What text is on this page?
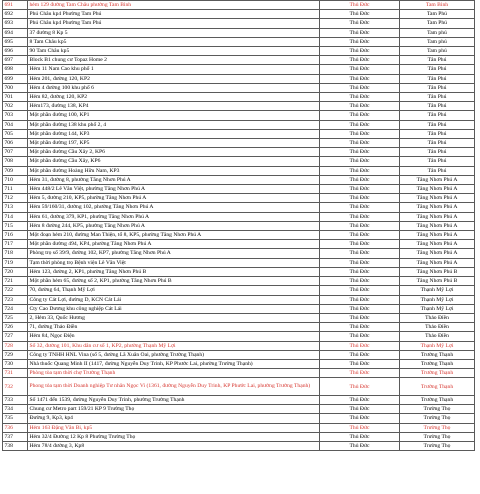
691	hẻm 129 đường Tam Châu phường Tam Bình	Thủ Đức	Tam Bình
692	Phú Châu kp4 Phường Tam Phú	Thủ Đức	Tam Phú
693	Phú Châu kp4 Phường Tam Phú	Thủ Đức	Tam Phú
694	37 đường 8 Kp 5	Thủ Đức	Tam phú
695	8 Tam Châu kp5	Thủ Đức	Tam phú
696	90 Tam Châu kp5	Thủ Đức	Tam phú
697	Block B1 chung cư Topaz Home 2	Thủ Đức	Tân Phú
698	Hẻm 11 Nam Cao khu phố 1	Thủ Đức	Tân Phú
699	Hẻm 201, đường 120, KP2	Thủ Đức	Tân Phú
700	Hẻm 4 đường 100 khu phố 6	Thủ Đức	Tân Phú
701	Hẻm 82, đường 120, KP2	Thủ Đức	Tân Phú
702	Hẻm173, đường 138, KP4	Thủ Đức	Tân Phú
703	Một phần đường 100, KP1	Thủ Đức	Tân Phú
704	Một phần đường 138 khu phố 2, 4	Thủ Đức	Tân Phú
705	Một phần đường 144, KP3	Thủ Đức	Tân Phú
706	Một phần đường 197, KP5	Thủ Đức	Tân Phú
707	Một phần đường Cầu Xây 2, KP6	Thủ Đức	Tân Phú
708	Một phần đường Cầu Xây, KP6	Thủ Đức	Tân Phú
709	Một phần đường Hoàng Hữu Nam, KP3	Thủ Đức	Tân Phú
710	Hẻm 31, đường 8, phường Tăng Nhơn Phú A	Thủ Đức	Tăng Nhơn Phú A
711	Hẻm 448/2 Lê Văn Việt, phường Tăng Nhơn Phú A	Thủ Đức	Tăng Nhơn Phú A
712	Hẻm 5, đường 210, KP5, phường Tăng Nhơn Phú A	Thủ Đức	Tăng Nhơn Phú A
713	Hẻm 59/160/31, đường 102, phường Tăng Nhơn Phú A	Thủ Đức	Tăng Nhơn Phú A
714	Hẻm 61, đường 379, KP1, phường Tăng Nhơn Phú A	Thủ Đức	Tăng Nhơn Phú A
715	Hẻm 8 đường 244, KP5, phường Tăng Nhơn Phú A	Thủ Đức	Tăng Nhơn Phú A
716	Một đoạn hẻm 210, đường Man Thiện, tổ 8, KP5, phường Tăng Nhơn Phú A	Thủ Đức	Tăng Nhơn Phú A
717	Một phần đường 494, KP4, phường Tăng Nhơn Phú A	Thủ Đức	Tăng Nhơn Phú A
718	Phòng trọ số 39/9, đường 102, KP7, phường Tăng Nhơn Phú A	Thủ Đức	Tăng Nhơn Phú A
719	Tạm thời phòng trọ Bệnh viện Lê Văn Việt	Thủ Đức	Tăng Nhơn Phú A
720	Hẻm 123, đường 2, KP1, phường Tăng Nhơn Phú B	Thủ Đức	Tăng Nhơn Phú B
721	Một phần hẻm 65, đường số 2, KP1, phường Tăng Nhơn Phú B	Thủ Đức	Tăng Nhơn Phú B
722	70, đường 64, Thạnh Mỹ Lợi	Thủ Đức	Thạnh Mỹ Lợi
723	Công ty Cát Lợi, đường D, KCN Cát Lái	Thủ Đức	Thạnh Mỹ Lợi
724	Cty Cao Dương khu công nghiệp Cát Lái	Thủ Đức	Thạnh Mỹ Lợi
725	2, Hẻm 33, Quốc Hương	Thủ Đức	Thảo Điền
726	71, đường Thảo Điền	Thủ Đức	Thảo Điền
727	Hẻm 84, Ngọc Điện	Thủ Đức	Thảo Điền
728	Số 32, đường 101, Khu dân cư số 1, KP2, phường Thạnh Mỹ Lợi	Thủ Đức	Thạnh Mỹ Lợi
729	Công ty TNHH HNL Vina (số 5, đường Lã Xuân Oai, phường Trường Thạnh)	Thủ Đức	Trường Thạnh
730	Nhà thuốc Quang Minh II (1417, đường Nguyễn Duy Trinh, KP Phước Lai, phường Trường Thạnh)	Thủ Đức	Trường Thạnh
731	Phòng tòa tạm thời chợ Trường Thạnh	Thủ Đức	Trường Thạnh
732	Phong tỏa tạm thời Doanh nghiệp Tư nhân Ngọc Vi (1361, đường Nguyễn Duy Trinh, KP Phước Lai, phường Trường Thạnh)	Thủ Đức	Trường Thạnh
733	Số 1471 đến 1539, đường Nguyễn Duy Trinh, phường Trường Thạnh	Thủ Đức	Trường Thạnh
734	Chung cư Metro part 159/21 KP 9 Trường Thọ	Thủ Đức	Trường Thọ
735	Đường 9, Kp3, kp4	Thủ Đức	Trường Thọ
736	Hẻm 163 Đặng Văn Bi, kp5	Thủ Đức	Trường Thọ
737	Hẻm 32/4 Đường 12 Kp 8 Phường Trường Thọ	Thủ Đức	Trường Thọ
738	Hẻm 78/4 đường 3, Kp8	Thủ Đức	Trường Thọ
